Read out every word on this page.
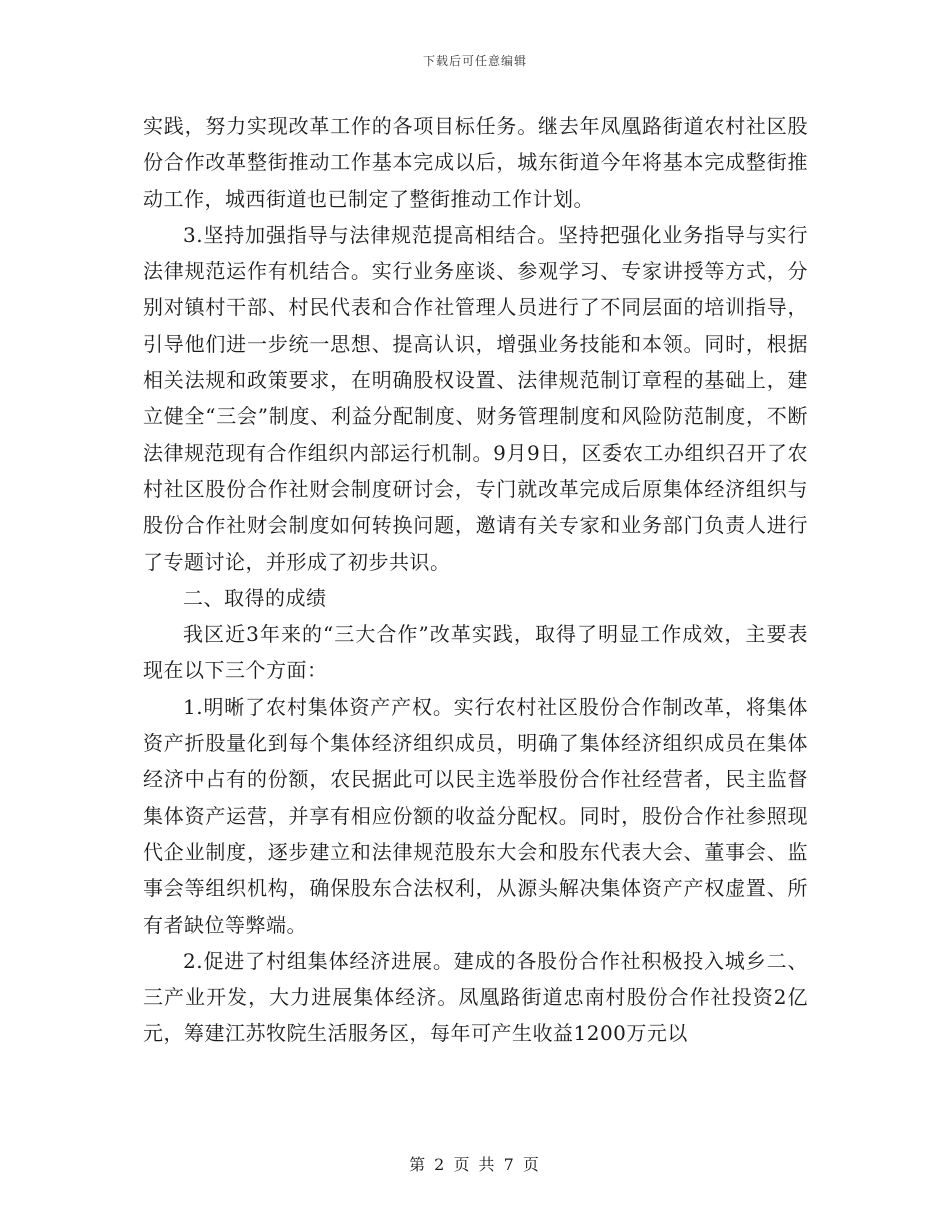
下载后可任意编辑

实践，努力实现改革工作的各项目标任务。继去年凤凰路街道农村社区股份合作改革整街推动工作基本完成以后，城东街道今年将基本完成整街推动工作，城西街道也已制定了整街推动工作计划。

3.坚持加强指导与法律规范提高相结合。坚持把强化业务指导与实行法律规范运作有机结合。实行业务座谈、参观学习、专家讲授等方式，分别对镇村干部、村民代表和合作社管理人员进行了不同层面的培训指导，引导他们进一步统一思想、提高认识，增强业务技能和本领。同时，根据相关法规和政策要求，在明确股权设置、法律规范制订章程的基础上，建立健全“三会”制度、利益分配制度、财务管理制度和风险防范制度，不断法律规范现有合作组织内部运行机制。9月9日，区委农工办组织召开了农村社区股份合作社财会制度研讨会，专门就改革完成后原集体经济组织与股份合作社财会制度如何转换问题，邀请有关专家和业务部门负责人进行了专题讨论，并形成了初步共识。

二、取得的成绩

我区近3年来的“三大合作”改革实践，取得了明显工作成效，主要表现在以下三个方面：

1.明晰了农村集体资产产权。实行农村社区股份合作制改革，将集体资产折股量化到每个集体经济组织成员，明确了集体经济组织成员在集体经济中占有的份额，农民据此可以民主选举股份合作社经营者，民主监督集体资产运营，并享有相应份额的收益分配权。同时，股份合作社参照现代企业制度，逐步建立和法律规范股东大会和股东代表大会、董事会、监事会等组织机构，确保股东合法权利，从源头解决集体资产产权虚置、所有者缺位等弊端。

2.促进了村组集体经济进展。建成的各股份合作社积极投入城乡二、三产业开发，大力进展集体经济。凤凰路街道忠南村股份合作社投资2亿元，筹建江苏牧院生活服务区，每年可产生收益1200万元以

第 2 页 共 7 页
